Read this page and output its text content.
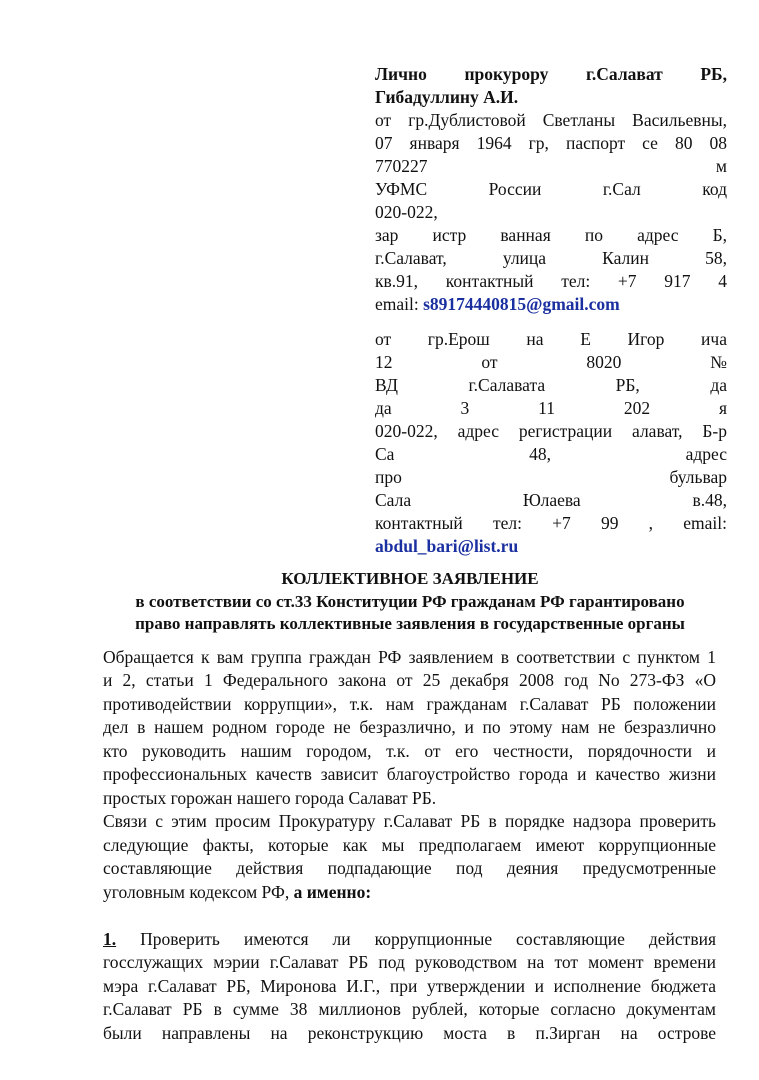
Лично прокурору г.Салават РБ,
Гибадуллину А.И.
от гр.Дублистовой Светланы Васильевны,
07 января 1964 гр, паспорт се 80 08
770227 м
УФМС России г.Сал код
020-022,
зар истр ванная по адрес Б,
г.Салават, улица Калин 58,
кв.91, контактный тел: +7 917 4
email: s89174440815@gmail.com
от гр.Ерош на Е Игор ича
12 от 8020 №
ВД г.Салавата РБ, да
да 3 11 202 я
020-022, адрес регистрации алават, Б-р
Са 48, адрес
про бульвар
Сала Юлаева в.48,
контактный тел: +7 99 , email:
abdul_bari@list.ru
КОЛЛЕКТИВНОЕ ЗАЯВЛЕНИЕ
в соответствии со ст.33 Конституции РФ гражданам РФ гарантировано
право направлять коллективные заявления в государственные органы
Обращается к вам группа граждан РФ заявлением в соответствии с пунктом 1
и 2, статьи 1 Федерального закона от 25 декабря 2008 год No 273-ФЗ «О
противодействии коррупции», т.к. нам гражданам г.Салават РБ положении
дел в нашем родном городе не безразлично, и по этому нам не безразлично
кто руководить нашим городом, т.к. от его честности, порядочности и
профессиональных качеств зависит благоустройство города и качество жизни
простых горожан нашего города Салават РБ.
Связи с этим просим Прокуратуру г.Салават РБ в порядке надзора проверить
следующие факты, которые как мы предполагаем имеют коррупционные
составляющие действия подпадающие под деяния предусмотренные
уголовным кодексом РФ, а именно:
1. Проверить имеются ли коррупционные составляющие действия
госслужащих мэрии г.Салават РБ под руководством на тот момент времени
мэра г.Салават РБ, Миронова И.Г., при утверждении и исполнение бюджета
г.Салават РБ в сумме 38 миллионов рублей, которые согласно документам
были направлены на реконструкцию моста в п.Зирган на острове
